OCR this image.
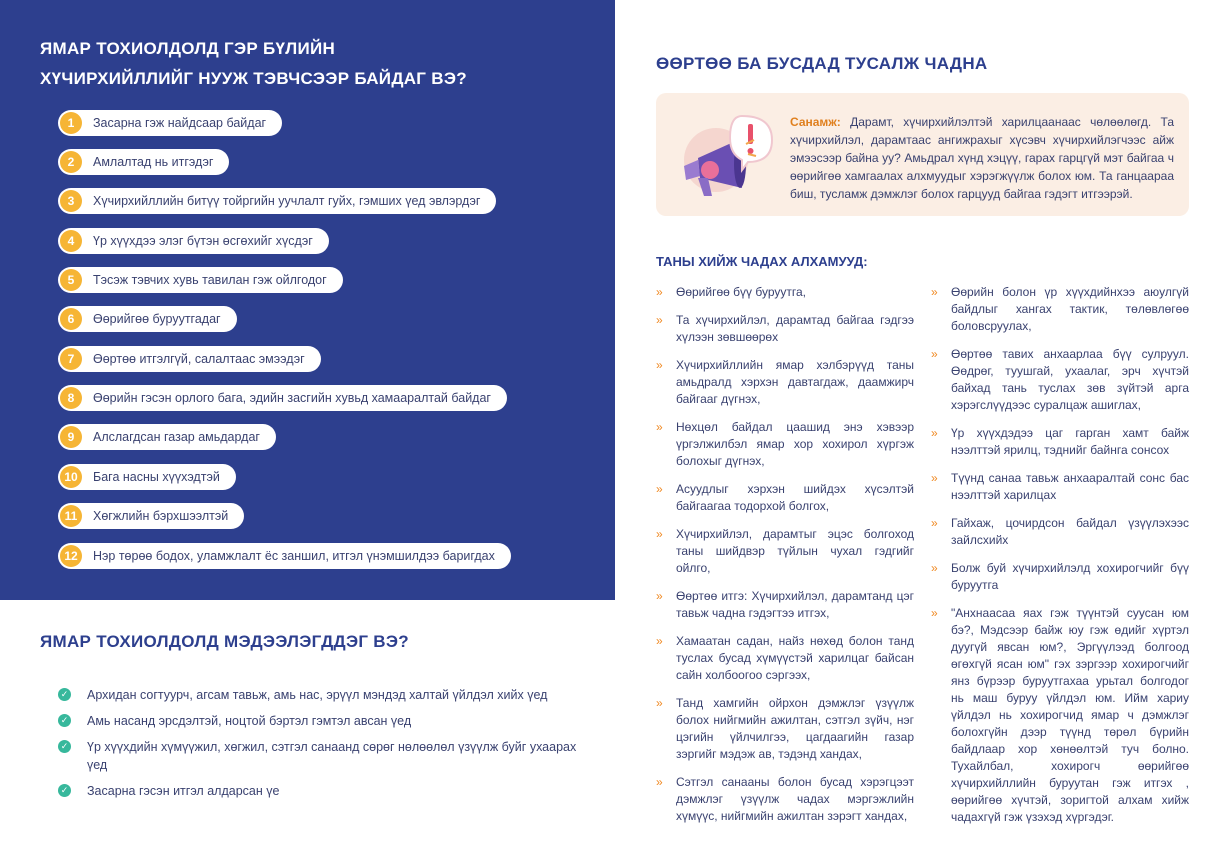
ЯМАР ТОХИОЛДОЛД ГЭР БҮЛИЙН
ХҮЧИРХИЙЛЛИЙГ НУУЖ ТЭВЧСЭЭР БАЙДАГ ВЭ?
1	Засарна гэж найдсаар байдаг
2	Амлалтад нь итгэдэг
3	Хүчирхийллийн битүү тойргийн уучлалт гуйх, гэмших үед эвлэрдэг
4	Үр хүүхдээ элэг бүтэн өсгөхийг хүсдэг
5	Тэсэж тэвчих хувь тавилан гэж ойлгодог
6	Өөрийгөө буруутгадаг
7	Өөртөө итгэлгүй, салалтаас эмээдэг
8	Өөрийн гэсэн орлого бага, эдийн засгийн хувьд хамааралтай байдаг
9	Алслагдсан газар амьдардаг
10	Бага насны хүүхэдтэй
11	Хөгжлийн бэрхшээлтэй
12	Нэр төрөө бодох, уламжлалт ёс заншил, итгэл үнэмшилдээ баригдах
ЯМАР ТОХИОЛДОЛД МЭДЭЭЛЭГДДЭГ ВЭ?
✓ Архидан согтуурч, агсам тавьж, амь нас, эрүүл мэндэд халтай үйлдэл хийх үед
✓ Амь насанд эрсдэлтэй, ноцтой бэртэл гэмтэл авсан үед
✓ Үр хүүхдийн хүмүүжил, хөгжил, сэтгэл санаанд сөрөг нөлөөлөл үзүүлж буйг ухаарах үед
✓ Засарна гэсэн итгэл алдарсан үе
ӨӨРТӨӨ БА БУСДАД ТУСАЛЖ ЧАДНА

Санамж: Дарамт, хүчирхийлэлтэй харилцаанаас чөлөөлөгд. Та хүчирхийлэл, дарамтаас ангижрахыг хүсэвч хүчирхийлэгчээс айж эмээсээр байна уу? Амьдрал хүнд хэцүү, гарах гарцгүй мэт байгаа ч өөрийгөө хамгаалах алхмуудыг хэрэгжүүлж болох юм. Та ганцаараа биш, тусламж дэмжлэг болох гарцууд байгаа гэдэгт итгээрэй.

ТАНЫ ХИЙЖ ЧАДАХ АЛХАМУУД:
»	Өөрийгөө бүү буруутга,
»	Та хүчирхийлэл, дарамтад байгаа гэдгээ хүлээн зөвшөөрөх
»	Хүчирхийллийн ямар хэлбэрүүд таны амьдралд хэрхэн давтагдаж, даамжирч байгааг дүгнэх,
»	Нөхцөл байдал цаашид энэ хэвээр үргэлжилбэл ямар хор хохирол хүргэж болохыг дүгнэх,
»	Асуудлыг хэрхэн шийдэх хүсэлтэй байгаагаа тодорхой болгох,
»	Хүчирхийлэл, дарамтыг эцэс болгоход таны шийдвэр түйлын чухал гэдгийг ойлго,
»	Өөртөө итгэ: Хүчирхийлэл, дарамтанд цэг тавьж чадна гэдэгтээ итгэх,
»	Хамаатан садан, найз нөхөд болон танд туслах бусад хүмүүстэй харилцаг байсан сайн холбоогоо сэргээх,
»	Танд хамгийн ойрхон дэмжлэг үзүүлж болох нийгмийн ажилтан, сэтгэл зүйч, нэг цэгийн үйлчилгээ, цагдаагийн газар зэргийг мэдэж ав, тэдэнд хандах,
»	Сэтгэл санааны болон бусад хэрэгцээт дэмжлэг үзүүлж чадах мэргэжлийн хүмүүс, нийгмийн ажилтан зэрэгт хандах,
»	Өөрийн болон үр хүүхдийнхээ аюулгүй байдлыг хангах тактик, төлөвлөгөө боловсруулах,
»	Өөртөө тавих анхаарлаа бүү сулруул. Өөдрөг, туушгай, ухаалаг, эрч хүчтэй байхад тань туслах зөв зүйтэй арга хэрэгслүүдээс суралцаж ашиглах,
»	Үр хүүхдэдээ цаг гарган хамт байж нээлттэй ярилц, тэднийг байнга сонсох
»	Түүнд санаа тавьж анхааралтай сонс бас нээлттэй харилцах
»	Гайхаж, цочирдсон байдал үзүүлэхээс зайлсхийх
»	Болж буй хүчирхийлэлд хохирогчийг бүү буруутга
»	"Анхнаасаа яах гэж түүнтэй суусан юм бэ?, Мэдсээр байж юу гэж өдийг хүртэл дуугүй явсан юм?, Эргүүлээд болгоод өгөхгүй ясан юм" гэх зэргээр хохирогчийг янз бүрээр буруутгахаа урьтал болгодог нь маш буруу үйлдэл юм. Ийм хариу үйлдэл нь хохирогчид ямар ч дэмжлэг болохгүйн дээр түүнд төрөл бүрийн байдлаар хор хөнөөлтэй туч болно. Тухайлбал, хохирогч өөрийгөө хүчирхийллийн буруутан гэж итгэх , өөрийгөө хүчтэй, зоригтой алхам хийж чадахгүй гэж үзэхэд хүргэдэг.
